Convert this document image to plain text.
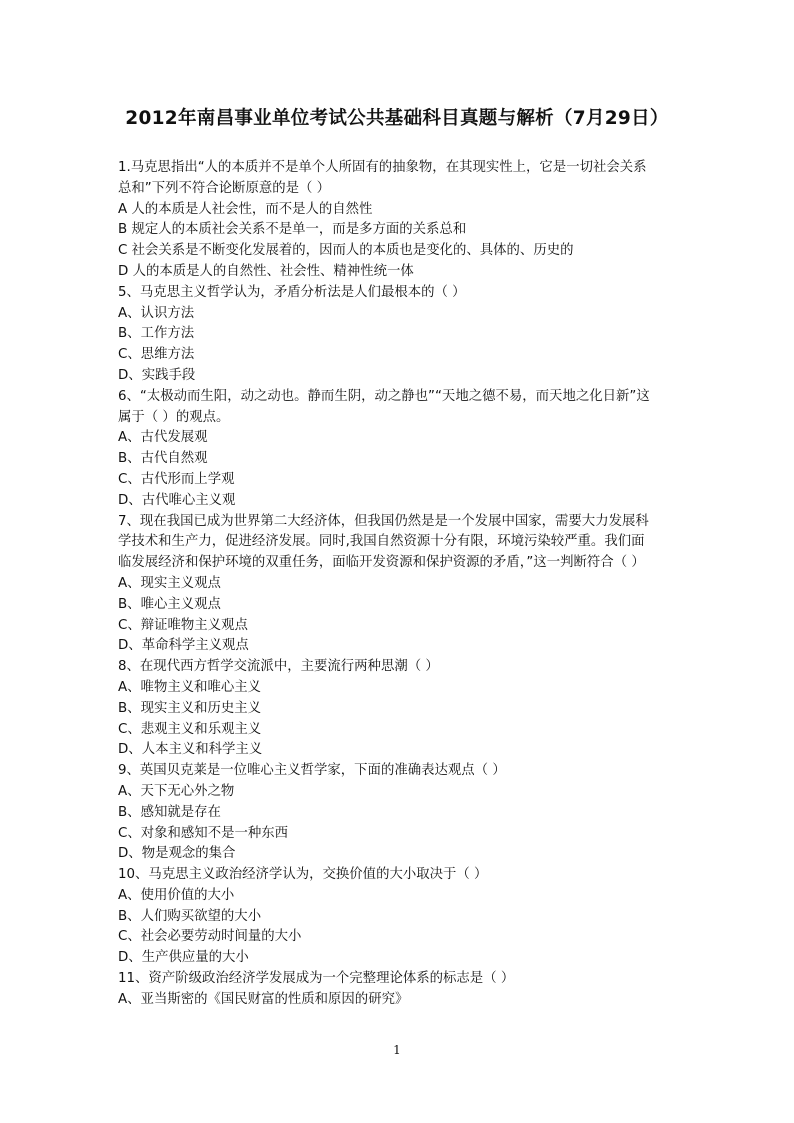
2012年南昌事业单位考试公共基础科目真题与解析（7月29日）
1.马克思指出“人的本质并不是单个人所固有的抽象物，在其现实性上，它是一切社会关系
总和”下列不符合论断原意的是（ ）
A 人的本质是人社会性，而不是人的自然性
B 规定人的本质社会关系不是单一，而是多方面的关系总和
C 社会关系是不断变化发展着的，因而人的本质也是变化的、具体的、历史的
D 人的本质是人的自然性、社会性、精神性统一体
5、马克思主义哲学认为，矛盾分析法是人们最根本的（ ）
A、认识方法
B、工作方法
C、思维方法
D、实践手段
6、“太极动而生阳，动之动也。静而生阴，动之静也”“天地之德不易，而天地之化日新”这
属于（ ）的观点。
A、古代发展观
B、古代自然观
C、古代形而上学观
D、古代唯心主义观
7、现在我国已成为世界第二大经济体，但我国仍然是是一个发展中国家，需要大力发展科
学技术和生产力，促进经济发展。同时,我国自然资源十分有限，环境污染较严重。我们面
临发展经济和保护环境的双重任务，面临开发资源和保护资源的矛盾，”这一判断符合（ ）
A、现实主义观点
B、唯心主义观点
C、辩证唯物主义观点
D、革命科学主义观点
8、在现代西方哲学交流派中，主要流行两种思潮（ ）
A、唯物主义和唯心主义
B、现实主义和历史主义
C、悲观主义和乐观主义
D、人本主义和科学主义
9、英国贝克莱是一位唯心主义哲学家，下面的准确表达观点（ ）
A、天下无心外之物
B、感知就是存在
C、对象和感知不是一种东西
D、物是观念的集合
10、马克思主义政治经济学认为，交换价值的大小取决于（ ）
A、使用价值的大小
B、人们购买欲望的大小
C、社会必要劳动时间量的大小
D、生产供应量的大小
11、资产阶级政治经济学发展成为一个完整理论体系的标志是（ ）
A、亚当斯密的《国民财富的性质和原因的研究》
1
